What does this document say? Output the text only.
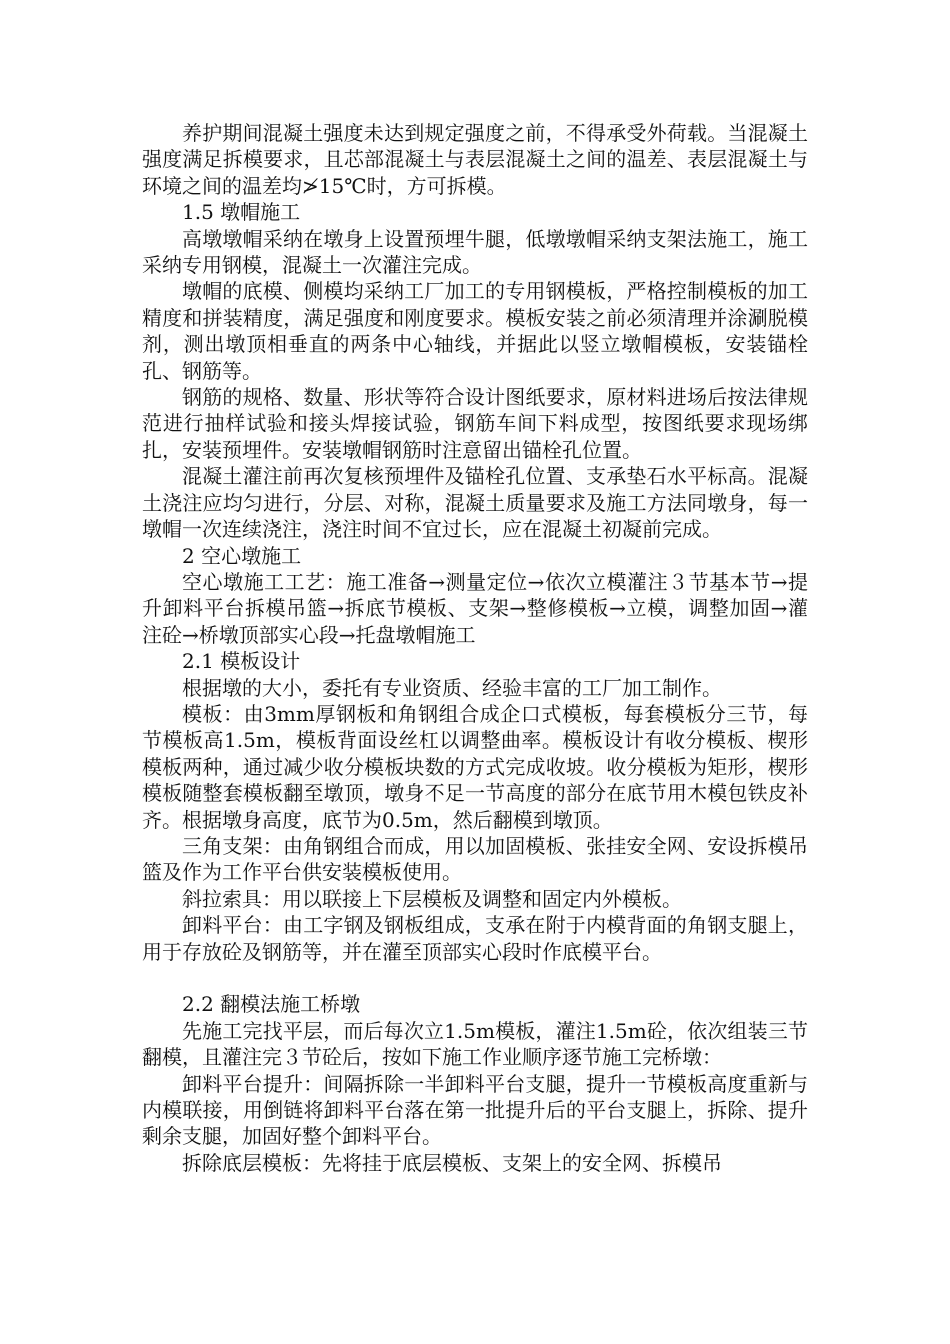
养护期间混凝土强度未达到规定强度之前，不得承受外荷载。当混凝土强度满足拆模要求，且芯部混凝土与表层混凝土之间的温差、表层混凝土与环境之间的温差均≯15℃时，方可拆模。

1.5 墩帽施工

高墩墩帽采纳在墩身上设置预埋牛腿，低墩墩帽采纳支架法施工，施工采纳专用钢模，混凝土一次灌注完成。

墩帽的底模、侧模均采纳工厂加工的专用钢模板，严格控制模板的加工精度和拼装精度，满足强度和刚度要求。模板安装之前必须清理并涂涮脱模剂，测出墩顶相垂直的两条中心轴线，并据此以竖立墩帽模板，安装锚栓孔、钢筋等。

钢筋的规格、数量、形状等符合设计图纸要求，原材料进场后按法律规范进行抽样试验和接头焊接试验，钢筋车间下料成型，按图纸要求现场绑扎，安装预埋件。安装墩帽钢筋时注意留出锚栓孔位置。

混凝土灌注前再次复核预埋件及锚栓孔位置、支承垫石水平标高。混凝土浇注应均匀进行，分层、对称，混凝土质量要求及施工方法同墩身，每一墩帽一次连续浇注，浇注时间不宜过长，应在混凝土初凝前完成。

2 空心墩施工

空心墩施工工艺：施工准备→测量定位→依次立模灌注３节基本节→提升卸料平台拆模吊篮→拆底节模板、支架→整修模板→立模，调整加固→灌注砼→桥墩顶部实心段→托盘墩帽施工

2.1 模板设计

根据墩的大小，委托有专业资质、经验丰富的工厂加工制作。

模板：由3mm厚钢板和角钢组合成企口式模板，每套模板分三节，每节模板高1.5m，模板背面设丝杠以调整曲率。模板设计有收分模板、楔形模板两种，通过减少收分模板块数的方式完成收坡。收分模板为矩形，楔形模板随整套模板翻至墩顶，墩身不足一节高度的部分在底节用木模包铁皮补齐。根据墩身高度，底节为0.5m，然后翻模到墩顶。

三角支架：由角钢组合而成，用以加固模板、张挂安全网、安设拆模吊篮及作为工作平台供安装模板使用。

斜拉索具：用以联接上下层模板及调整和固定内外模板。

卸料平台：由工字钢及钢板组成，支承在附于内模背面的角钢支腿上，用于存放砼及钢筋等，并在灌至顶部实心段时作底模平台。

2.2 翻模法施工桥墩

先施工完找平层，而后每次立1.5m模板，灌注1.5m砼，依次组装三节翻模，且灌注完３节砼后，按如下施工作业顺序逐节施工完桥墩：

卸料平台提升：间隔拆除一半卸料平台支腿，提升一节模板高度重新与内模联接，用倒链将卸料平台落在第一批提升后的平台支腿上，拆除、提升剩余支腿，加固好整个卸料平台。

拆除底层模板：先将挂于底层模板、支架上的安全网、拆模吊
